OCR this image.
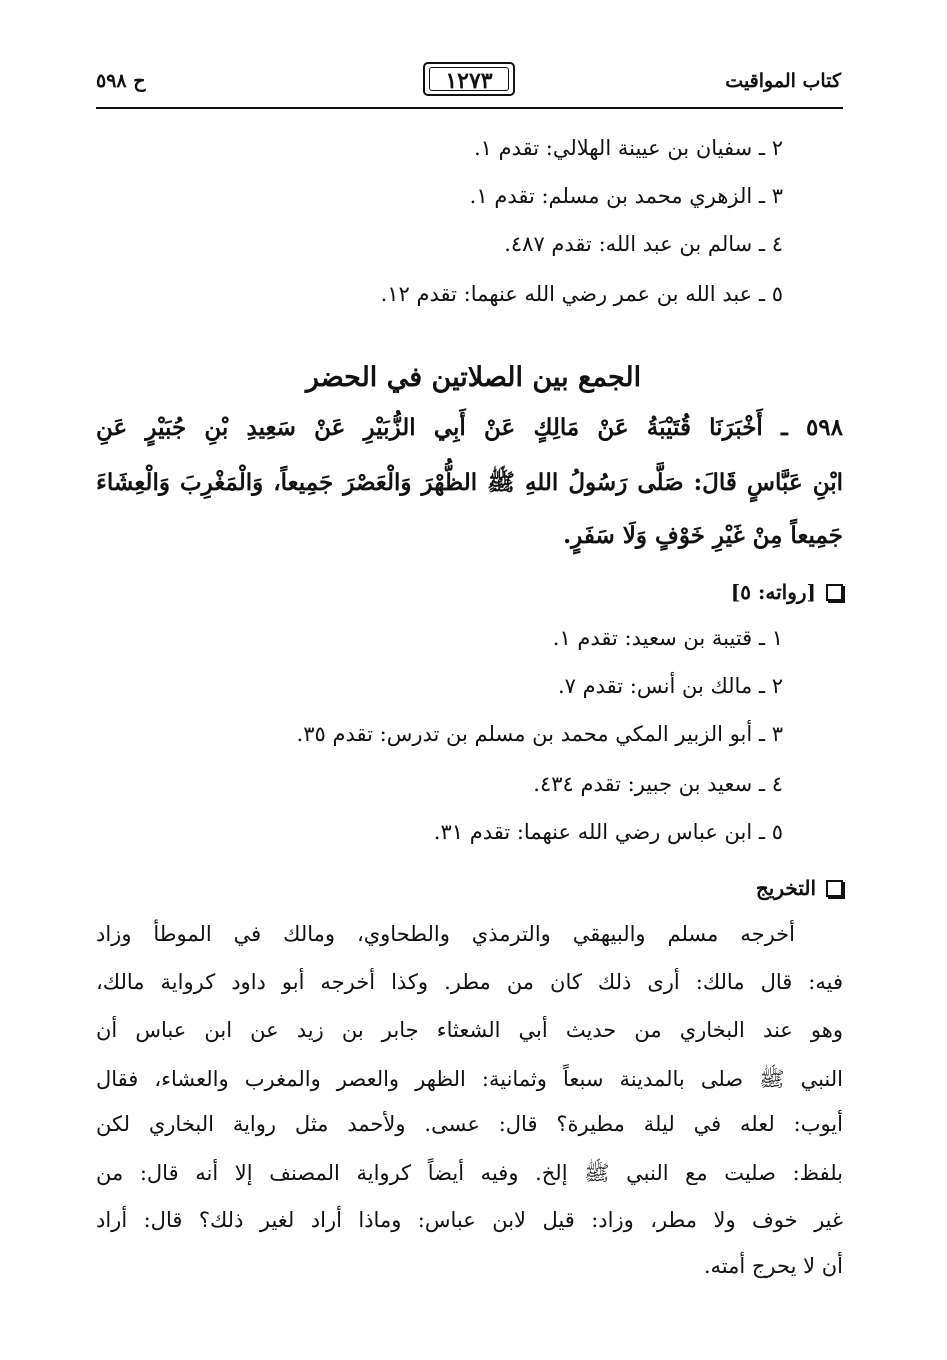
كتاب المواقيت
١٢٧٣
ح ٥٩٨
٢ ـ سفيان بن عيينة الهلالي: تقدم ١.
٣ ـ الزهري محمد بن مسلم: تقدم ١.
٤ ـ سالم بن عبد الله: تقدم ٤٨٧.
٥ ـ عبد الله بن عمر رضي الله عنهما: تقدم ١٢.
الجمع بين الصلاتين في الحضر
٥٩٨ ـ أَخْبَرَنَا قُتَيْبَةُ عَنْ مَالِكٍ عَنْ أَبِي الزُّبَيْرِ عَنْ سَعِيدِ بْنِ جُبَيْرٍ عَنِ
ابْنِ عَبَّاسٍ قَالَ: صَلَّى رَسُولُ اللهِ ﷺ الظُّهْرَ وَالْعَصْرَ جَمِيعاً، وَالْمَغْرِبَ وَالْعِشَاءَ
جَمِيعاً مِنْ غَيْرِ خَوْفٍ وَلَا سَفَرٍ.
[رواته: ٥]
١ ـ قتيبة بن سعيد: تقدم ١.
٢ ـ مالك بن أنس: تقدم ٧.
٣ ـ أبو الزبير المكي محمد بن مسلم بن تدرس: تقدم ٣٥.
٤ ـ سعيد بن جبير: تقدم ٤٣٤.
٥ ـ ابن عباس رضي الله عنهما: تقدم ٣١.
التخريج
أخرجه مسلم والبيهقي والترمذي والطحاوي، ومالك في الموطأ وزاد
فيه: قال مالك: أرى ذلك كان من مطر. وكذا أخرجه أبو داود كرواية مالك،
وهو عند البخاري من حديث أبي الشعثاء جابر بن زيد عن ابن عباس أن
النبي ﷺ صلى بالمدينة سبعاً وثمانية: الظهر والعصر والمغرب والعشاء، فقال
أيوب: لعله في ليلة مطيرة؟ قال: عسى. ولأحمد مثل رواية البخاري لكن
بلفظ: صليت مع النبي ﷺ إلخ. وفيه أيضاً كرواية المصنف إلا أنه قال: من
غير خوف ولا مطر، وزاد: قيل لابن عباس: وماذا أراد لغير ذلك؟ قال: أراد
أن لا يحرج أمته.
